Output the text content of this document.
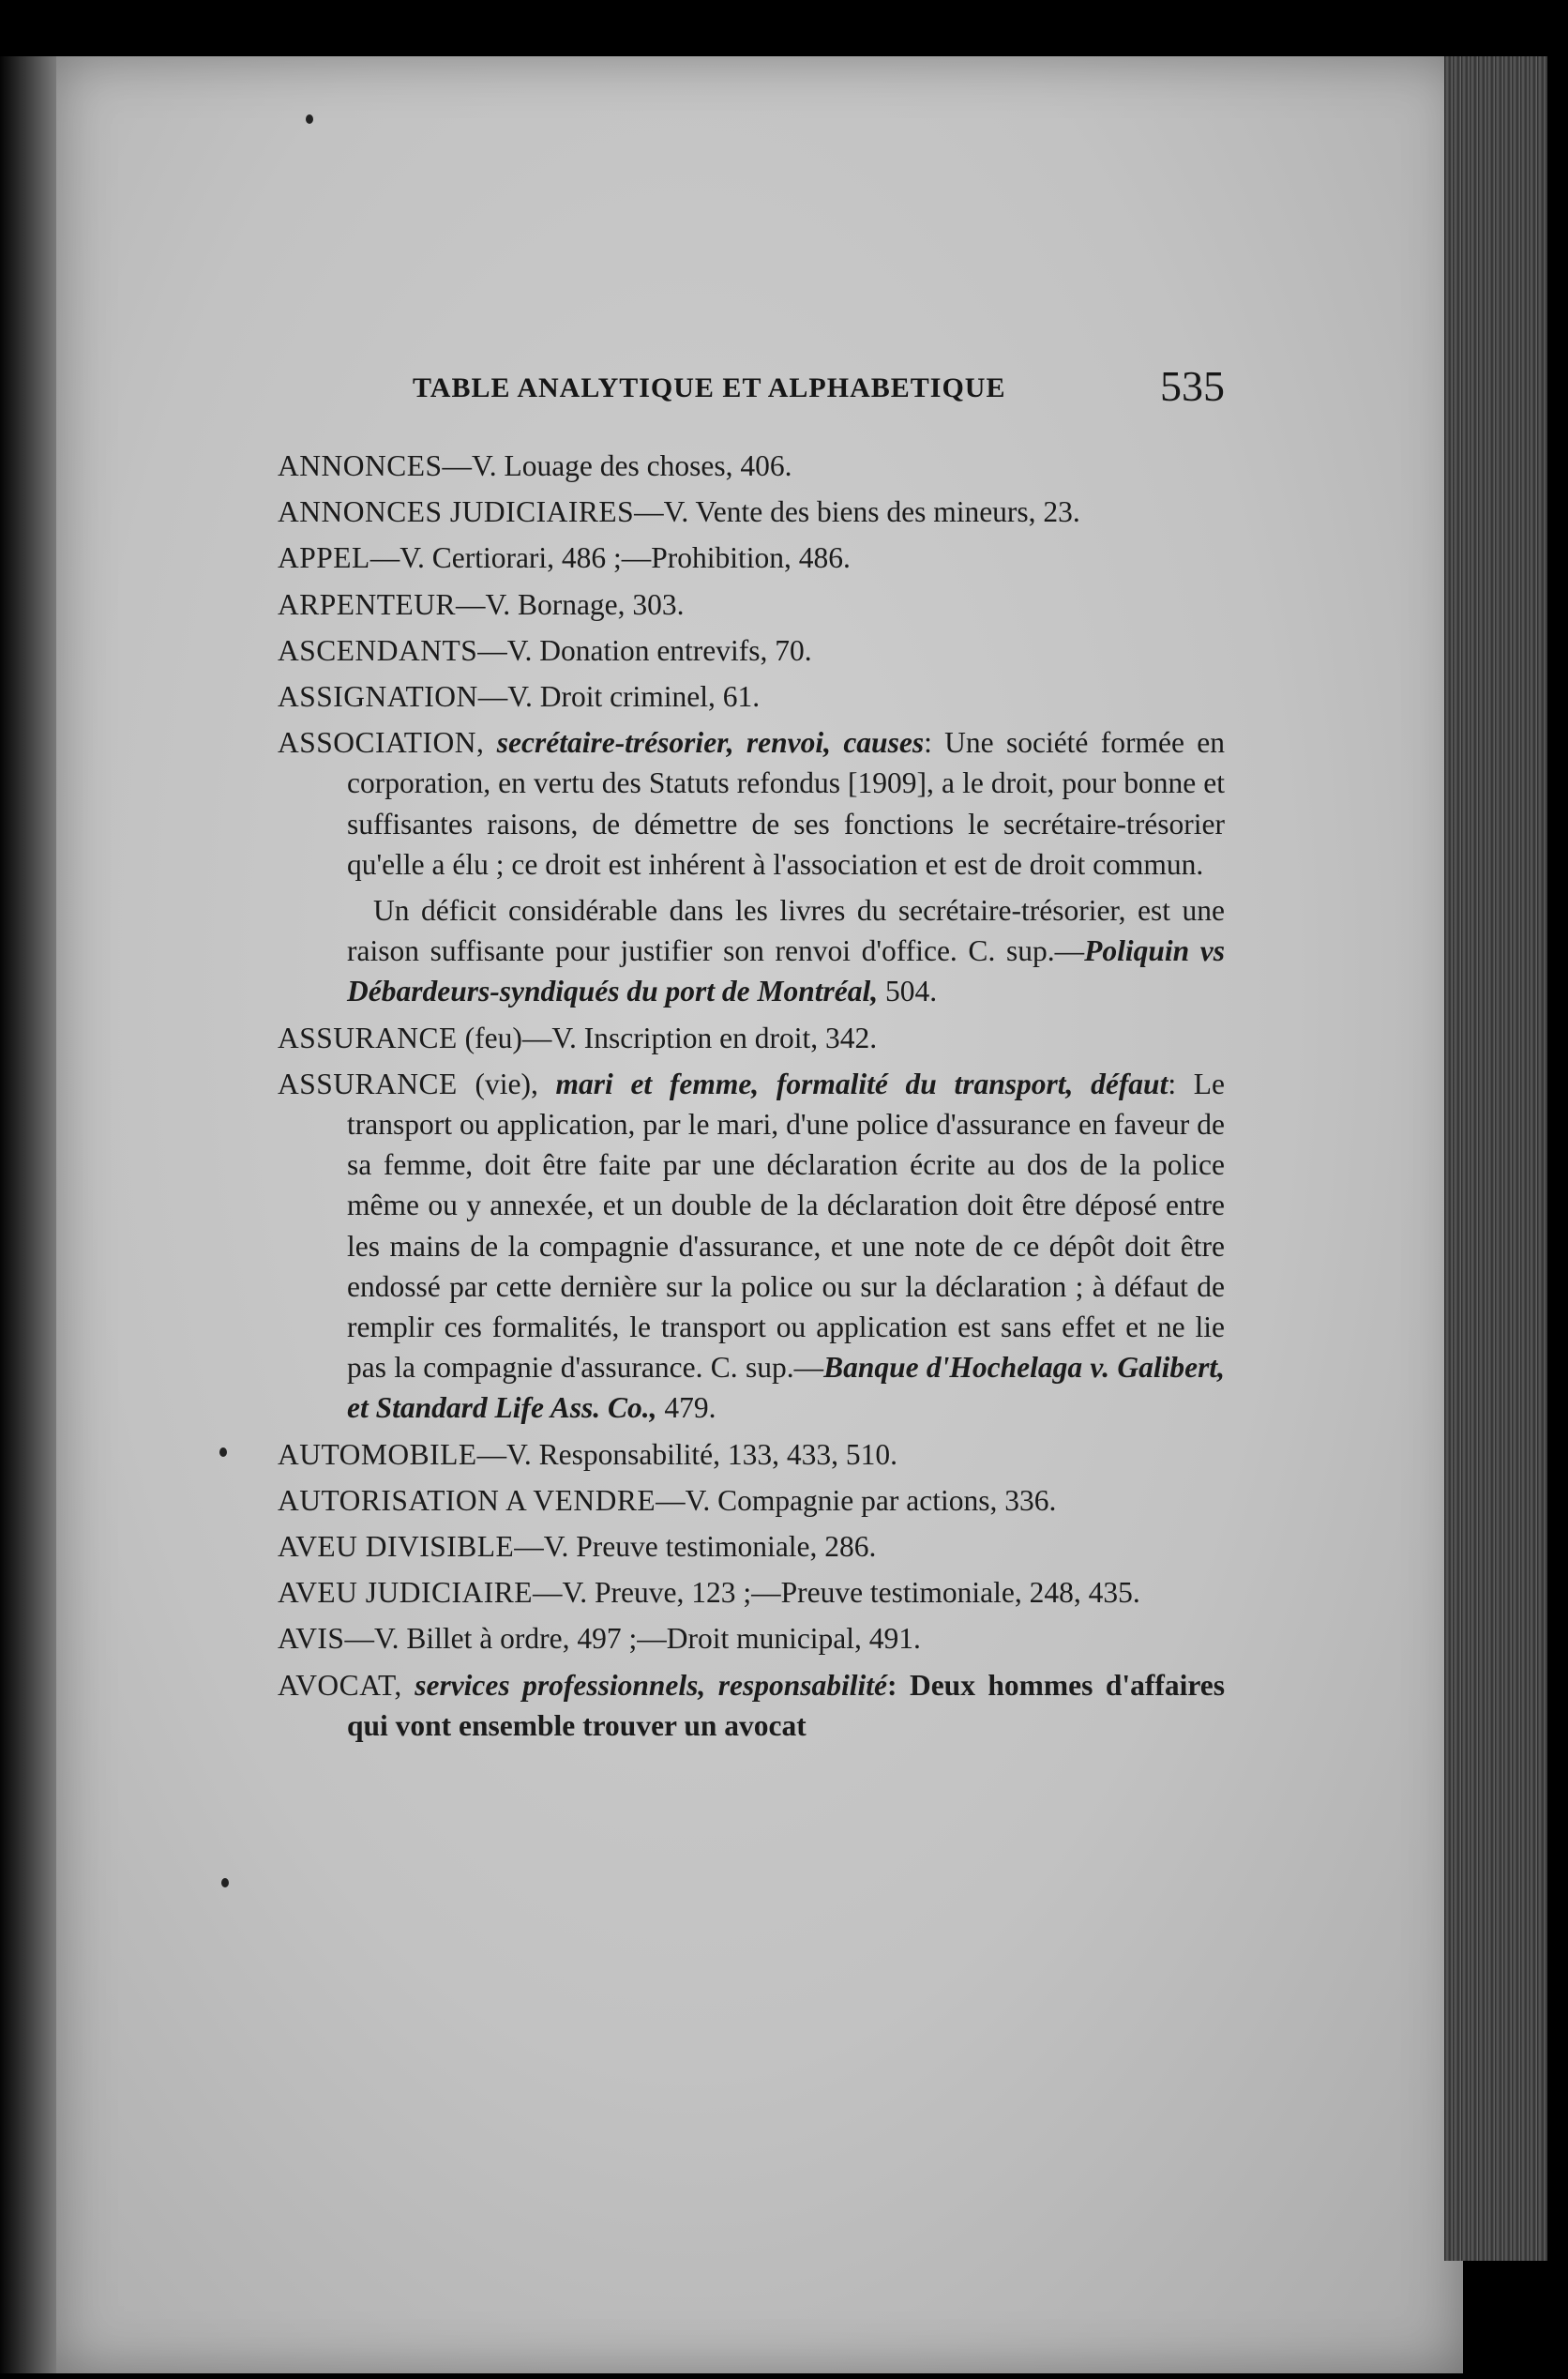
TABLE ANALYTIQUE ET ALPHABETIQUE	535

ANNONCES—V. Louage des choses, 406.

ANNONCES JUDICIAIRES—V. Vente des biens des mineurs, 23.

APPEL—V. Certiorari, 486 ;—Prohibition, 486.

ARPENTEUR—V. Bornage, 303.

ASCENDANTS—V. Donation entrevifs, 70.

ASSIGNATION—V. Droit criminel, 61.

ASSOCIATION, secrétaire-trésorier, renvoi, causes: Une société formée en corporation, en vertu des Statuts refondus [1909], a le droit, pour bonne et suffisantes raisons, de démettre de ses fonctions le secrétaire-trésorier qu'elle a élu ; ce droit est inhérent à l'association et est de droit commun.

Un déficit considérable dans les livres du secrétaire-trésorier, est une raison suffisante pour justifier son renvoi d'office. C. sup.—Poliquin vs Débardeurs-syndiqués du port de Montréal, 504.

ASSURANCE (feu)—V. Inscription en droit, 342.

ASSURANCE (vie), mari et femme, formalité du transport, défaut: Le transport ou application, par le mari, d'une police d'assurance en faveur de sa femme, doit être faite par une déclaration écrite au dos de la police même ou y annexée, et un double de la déclaration doit être déposé entre les mains de la compagnie d'assurance, et une note de ce dépôt doit être endossé par cette dernière sur la police ou sur la déclaration ; à défaut de remplir ces formalités, le transport ou application est sans effet et ne lie pas la compagnie d'assurance. C. sup.—Banque d'Hochelaga v. Galibert, et Standard Life Ass. Co., 479.

AUTOMOBILE—V. Responsabilité, 133, 433, 510.

AUTORISATION A VENDRE—V. Compagnie par actions, 336.

AVEU DIVISIBLE—V. Preuve testimoniale, 286.

AVEU JUDICIAIRE—V. Preuve, 123 ;—Preuve testimoniale, 248, 435.

AVIS—V. Billet à ordre, 497 ;—Droit municipal, 491.

AVOCAT, services professionnels, responsabilité: Deux hommes d'affaires qui vont ensemble trouver un avocat
